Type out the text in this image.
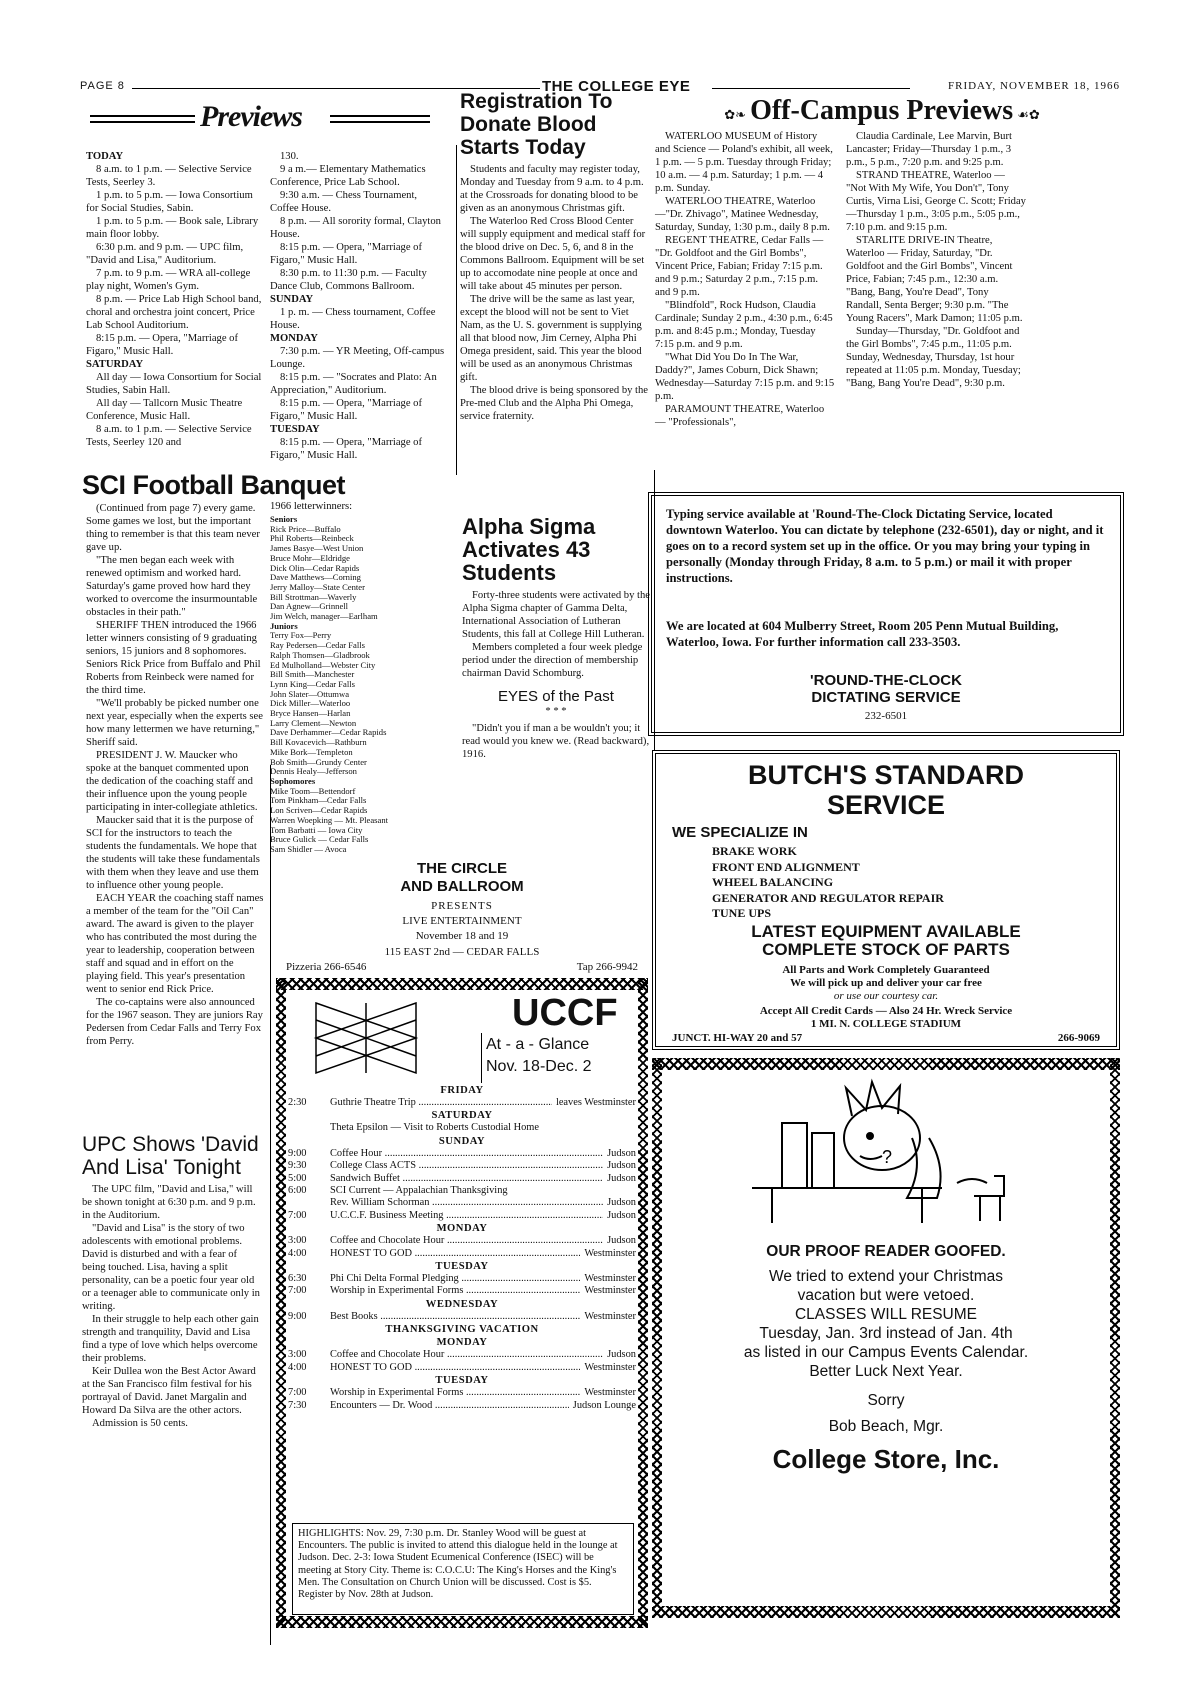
PAGE 8	THE COLLEGE EYE	FRIDAY, NOVEMBER 18, 1966
Previews

TODAY

8 a.m. to 1 p.m. — Selective Service Tests, Seerley 3.

1 p.m. to 5 p.m. — Iowa Consortium for Social Studies, Sabin.

1 p.m. to 5 p.m. — Book sale, Library main floor lobby.

6:30 p.m. and 9 p.m. — UPC film, "David and Lisa," Auditorium.

7 p.m. to 9 p.m. — WRA all-college play night, Women's Gym.

8 p.m. — Price Lab High School band, choral and orchestra joint concert, Price Lab School Auditorium.

8:15 p.m. — Opera, "Marriage of Figaro," Music Hall.

SATURDAY

All day — Iowa Consortium for Social Studies, Sabin Hall.

All day — Tallcorn Music Theatre Conference, Music Hall.

8 a.m. to 1 p.m. — Selective Service Tests, Seerley 120 and

130.

9 a m.— Elementary Mathematics Conference, Price Lab School.

9:30 a.m. — Chess Tournament, Coffee House.

8 p.m. — All sorority formal, Clayton House.

8:15 p.m. — Opera, "Marriage of Figaro," Music Hall.

8:30 p.m. to 11:30 p.m. — Faculty Dance Club, Commons Ballroom.

SUNDAY

1 p. m. — Chess tournament, Coffee House.

MONDAY

7:30 p.m. — YR Meeting, Off-campus Lounge.

8:15 p.m. — "Socrates and Plato: An Appreciation," Auditorium.

8:15 p.m. — Opera, "Marriage of Figaro," Music Hall.

TUESDAY

8:15 p.m. — Opera, "Marriage of Figaro," Music Hall.

Registration To Donate Blood Starts Today

Students and faculty may register today, Monday and Tuesday from 9 a.m. to 4 p.m. at the Crossroads for donating blood to be given as an anonymous Christmas gift.

The Waterloo Red Cross Blood Center will supply equipment and medical staff for the blood drive on Dec. 5, 6, and 8 in the Commons Ballroom. Equipment will be set up to accomodate nine people at once and will take about 45 minutes per person.

The drive will be the same as last year, except the blood will not be sent to Viet Nam, as the U. S. government is supplying all that blood now, Jim Cerney, Alpha Phi Omega president, said. This year the blood will be used as an anonymous Christmas gift.

The blood drive is being sponsored by the Pre-med Club and the Alpha Phi Omega, service fraternity.

✿❧ Off-Campus Previews ☙✿

WATERLOO MUSEUM of History and Science — Poland's exhibit, all week, 1 p.m. — 5 p.m. Tuesday through Friday; 10 a.m. — 4 p.m. Saturday; 1 p.m. — 4 p.m. Sunday.

WATERLOO THEATRE, Waterloo—"Dr. Zhivago", Matinee Wednesday, Saturday, Sunday, 1:30 p.m., daily 8 p.m.

REGENT THEATRE, Cedar Falls — "Dr. Goldfoot and the Girl Bombs", Vincent Price, Fabian; Friday 7:15 p.m. and 9 p.m.; Saturday 2 p.m., 7:15 p.m. and 9 p.m.

"Blindfold", Rock Hudson, Claudia Cardinale; Sunday 2 p.m., 4:30 p.m., 6:45 p.m. and 8:45 p.m.; Monday, Tuesday 7:15 p.m. and 9 p.m.

"What Did You Do In The War, Daddy?", James Coburn, Dick Shawn; Wednesday—Saturday 7:15 p.m. and 9:15 p.m.

PARAMOUNT THEATRE, Waterloo — "Professionals",

Claudia Cardinale, Lee Marvin, Burt Lancaster; Friday—Thursday 1 p.m., 3 p.m., 5 p.m., 7:20 p.m. and 9:25 p.m.

STRAND THEATRE, Waterloo — "Not With My Wife, You Don't", Tony Curtis, Virna Lisi, George C. Scott; Friday—Thursday 1 p.m., 3:05 p.m., 5:05 p.m., 7:10 p.m. and 9:15 p.m.

STARLITE DRIVE-IN Theatre, Waterloo — Friday, Saturday, "Dr. Goldfoot and the Girl Bombs", Vincent Price, Fabian; 7:45 p.m., 12:30 a.m. "Bang, Bang, You're Dead", Tony Randall, Senta Berger; 9:30 p.m. "The Young Racers", Mark Damon; 11:05 p.m.

Sunday—Thursday, "Dr. Goldfoot and the Girl Bombs", 7:45 p.m., 11:05 p.m. Sunday, Wednesday, Thursday, 1st hour repeated at 11:05 p.m. Monday, Tuesday; "Bang, Bang You're Dead", 9:30 p.m.

SCI Football Banquet

(Continued from page 7) every game. Some games we lost, but the important thing to remember is that this team never gave up.

"The men began each week with renewed optimism and worked hard. Saturday's game proved how hard they worked to overcome the insurmountable obstacles in their path."

SHERIFF THEN introduced the 1966 letter winners consisting of 9 graduating seniors, 15 juniors and 8 sophomores. Seniors Rick Price from Buffalo and Phil Roberts from Reinbeck were named for the third time.

"We'll probably be picked number one next year, especially when the experts see how many lettermen we have returning," Sheriff said.

PRESIDENT J. W. Maucker who spoke at the banquet commented upon the dedication of the coaching staff and their influence upon the young people participating in inter-collegiate athletics.

Maucker said that it is the purpose of SCI for the instructors to teach the students the fundamentals. We hope that the students will take these fundamentals with them when they leave and use them to influence other young people.

EACH YEAR the coaching staff names a member of the team for the "Oil Can" award. The award is given to the player who has contributed the most during the year to leadership, cooperation between staff and squad and in effort on the playing field. This year's presentation went to senior end Rick Price.

The co-captains were also announced for the 1967 season. They are juniors Ray Pedersen from Cedar Falls and Terry Fox from Perry.

1966 letterwinners:
Seniors
Rick Price—Buffalo
Phil Roberts—Reinbeck
James Basye—West Union
Bruce Mohr—Eldridge
Dick Olin—Cedar Rapids
Dave Matthews—Corning
Jerry Malloy—State Center
Bill Strottman—Waverly
Dan Agnew—Grinnell
Jim Welch, manager—Earlham
Juniors
Terry Fox—Perry
Ray Pedersen—Cedar Falls
Ralph Thomsen—Gladbrook
Ed Mulholland—Webster City
Bill Smith—Manchester
Lynn King—Cedar Falls
John Slater—Ottumwa
Dick Miller—Waterloo
Bryce Hansen—Harlan
Larry Clement—Newton
Dave Derhammer—Cedar Rapids
Bill Kovacevich—Rathburn
Mike Bork—Templeton
Bob Smith—Grundy Center
Dennis Healy—Jefferson
Sophomores
Mike Toom—Bettendorf
Tom Pinkham—Cedar Falls
Lon Scriven—Cedar Rapids
Warren Woepking — Mt. Pleasant
Tom Barbatti — Iowa City
Bruce Gulick — Cedar Falls
Sam Shidler — Avoca
UPC Shows 'David And Lisa' Tonight

The UPC film, "David and Lisa," will be shown tonight at 6:30 p.m. and 9 p.m. in the Auditorium.

"David and Lisa" is the story of two adolescents with emotional problems. David is disturbed and with a fear of being touched. Lisa, having a split personality, can be a poetic four year old or a teenager able to communicate only in writing.

In their struggle to help each other gain strength and tranquility, David and Lisa find a type of love which helps overcome their problems.

Keir Dullea won the Best Actor Award at the San Francisco film festival for his portrayal of David. Janet Margalin and Howard Da Silva are the other actors.

Admission is 50 cents.

Alpha Sigma Activates 43 Students

Forty-three students were activated by the Alpha Sigma chapter of Gamma Delta, International Association of Lutheran Students, this fall at College Hill Lutheran.

Members completed a four week pledge period under the direction of membership chairman David Schomburg.

EYES of the Past
* * *

"Didn't you if man a be wouldn't you; it read would you knew we. (Read backward), 1916.

Typing service available at 'Round-The-Clock Dictating Service, located downtown Waterloo. You can dictate by telephone (232-6501), day or night, and it goes on to a record system set up in the office. Or you may bring your typing in personally (Monday through Friday, 8 a.m. to 5 p.m.) or mail it with proper instructions.
We are located at 604 Mulberry Street, Room 205 Penn Mutual Building, Waterloo, Iowa. For further information call 233-3503.
'ROUND-THE-CLOCK
DICTATING SERVICE
232-6501
BUTCH'S STANDARD
SERVICE
WE SPECIALIZE IN
BRAKE WORK
FRONT END ALIGNMENT
WHEEL BALANCING
GENERATOR AND REGULATOR REPAIR
TUNE UPS
LATEST EQUIPMENT AVAILABLE
COMPLETE STOCK OF PARTS
All Parts and Work Completely Guaranteed
We will pick up and deliver your car free
or use our courtesy car.
Accept All Credit Cards — Also 24 Hr. Wreck Service
1 MI. N. COLLEGE STADIUM
JUNCT. HI-WAY 20 and 57	266-9069
THE CIRCLE
AND BALLROOM
PRESENTS
LIVE ENTERTAINMENT
November 18 and 19
115 EAST 2nd — CEDAR FALLS
Pizzeria 266-6546	Tap 266-9942
UCCF
At - a - Glance
Nov. 18-Dec. 2
FRIDAY
2:30	Guthrie Theatre Trip .....	leaves Westminster
SATURDAY
Theta Epsilon — Visit to Roberts Custodial Home
SUNDAY
9:00	Coffee Hour .....	Judson
9:30	College Class ACTS .....	Judson
5:00	Sandwich Buffet .....	Judson
6:00	SCI Current — Appalachian Thanksgiving
Rev. William Schorman .....	Judson
7:00	U.C.C.F. Business Meeting .....	Judson
MONDAY
3:00	Coffee and Chocolate Hour .....	Judson
4:00	HONEST TO GOD .....	Westminster
TUESDAY
6:30	Phi Chi Delta Formal Pledging .....	Westminster
7:00	Worship in Experimental Forms .....	Westminster
WEDNESDAY
9:00	Best Books .....	Westminster
THANKSGIVING VACATION
MONDAY
3:00	Coffee and Chocolate Hour .....	Judson
4:00	HONEST TO GOD .....	Westminster
TUESDAY
7:00	Worship in Experimental Forms .....	Westminster
7:30	Encounters — Dr. Wood .....	Judson Lounge
HIGHLIGHTS: Nov. 29, 7:30 p.m. Dr. Stanley Wood will be guest at Encounters. The public is invited to attend this dialogue held in the lounge at Judson. Dec. 2-3: Iowa Student Ecumenical Conference (ISEC) will be meeting at Story City. Theme is: C.O.C.U: The King's Horses and the King's Men. The Consultation on Church Union will be discussed. Cost is $5. Register by Nov. 28th at Judson.
?
OUR PROOF READER GOOFED.
We tried to extend your Christmas
vacation but were vetoed.
CLASSES WILL RESUME
Tuesday, Jan. 3rd instead of Jan. 4th
as listed in our Campus Events Calendar.
Better Luck Next Year.
Sorry
Bob Beach, Mgr.
College Store, Inc.
